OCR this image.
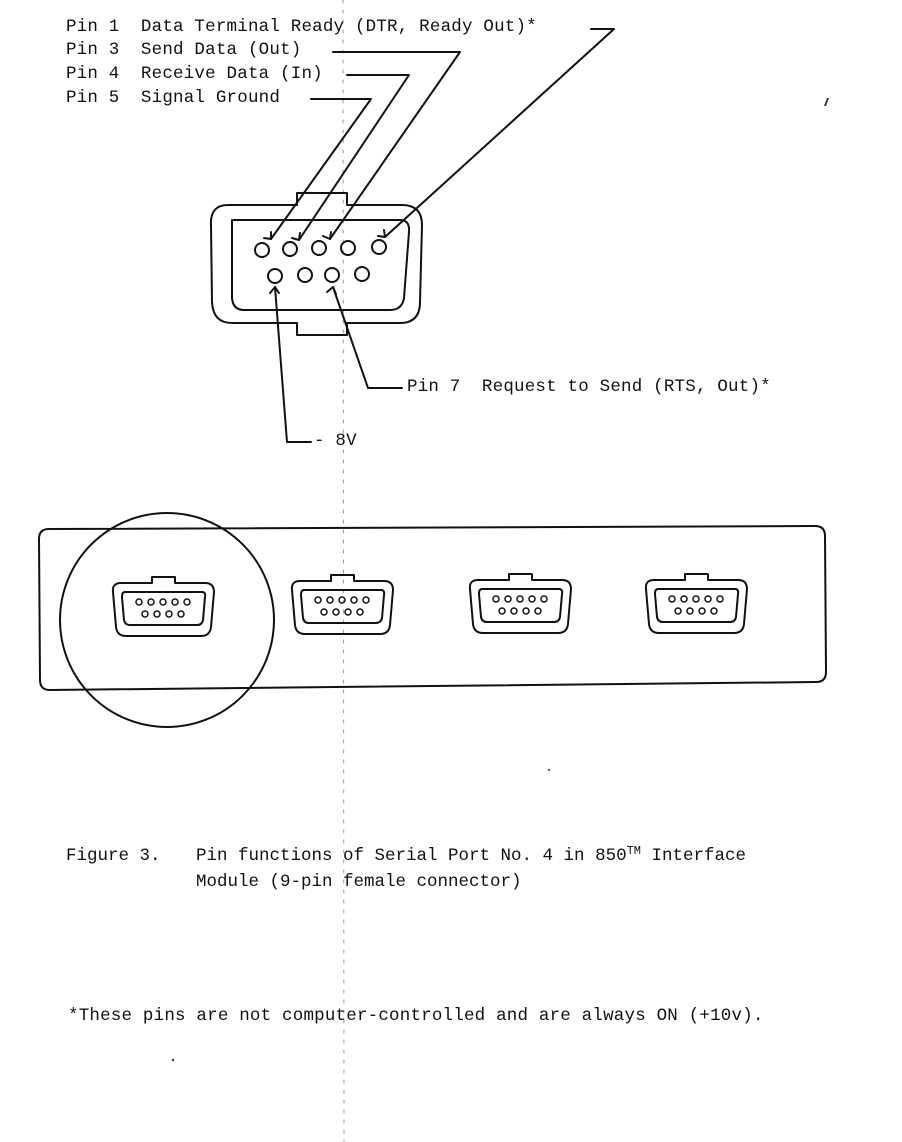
Pin 1 Data Terminal Ready (DTR, Ready Out)*
Pin 3 Send Data (Out)
Pin 4 Receive Data (In)
Pin 5 Signal Ground
Pin 7 Request to Send (RTS, Out)*
- 8V
Figure 3. Pin functions of Serial Port No. 4 in 850™ Interface
Module (9-pin female connector)
*These pins are not computer-controlled and are always ON (+10v).
